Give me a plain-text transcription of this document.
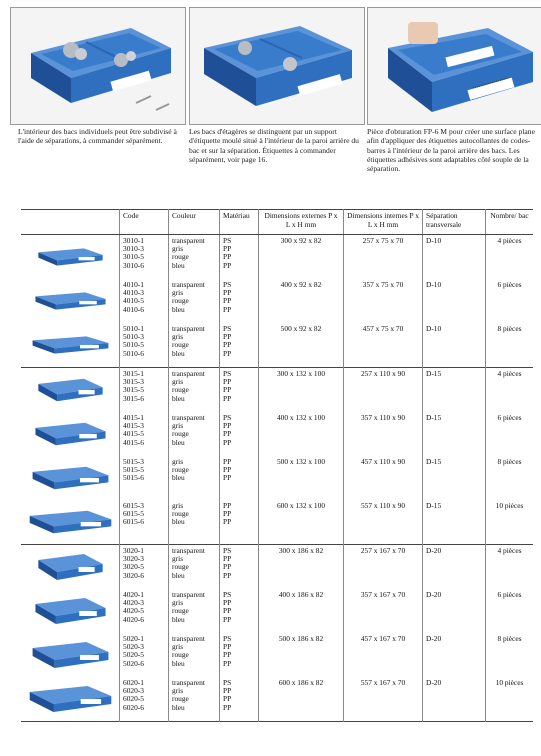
L'intérieur des bacs individuels peut être subdivisé à l'aide de séparations, à commander séparément.
Les bacs d'étagères se distinguent par un support d'étiquette moulé situé à l'intérieur de la paroi arrière du bac et sur la séparation. Étiquettes à commander séparément, voir page 16.
Pièce d'obturation FP-6 M pour créer une surface plane afin d'appliquer des étiquettes autocollantes de codes-barres à l'intérieur de la paroi arrière des bacs. Les étiquettes adhésives sont adaptables côté souple de la séparation.
	Code	Couleur	Matériau	Dimensions externes P x L x H mm	Dimensions internes P x L x H mm	Séparation transversale	Nombre/ bac

3010-1
3010-3
3010-5
3010-6	transparent
gris
rouge
bleu	PS
PP
PP
PP	300 x 92 x 82	257 x 75 x 70	D-10	4 pièces

4010-1
4010-3
4010-5
4010-6	transparent
gris
rouge
bleu	PS
PP
PP
PP	400 x 92 x 82	357 x 75 x 70	D-10	6 pièces

5010-1
5010-3
5010-5
5010-6	transparent
gris
rouge
bleu	PS
PP
PP
PP	500 x 92 x 82	457 x 75 x 70	D-10	8 pièces

3015-1
3015-3
3015-5
3015-6	transparent
gris
rouge
bleu	PS
PP
PP
PP	300 x 132 x 100	257 x 110 x 90	D-15	4 pièces

4015-1
4015-3
4015-5
4015-6	transparent
gris
rouge
bleu	PS
PP
PP
PP	400 x 132 x 100	357 x 110 x 90	D-15	6 pièces

5015-3
5015-5
5015-6	gris
rouge
bleu	PP
PP
PP	500 x 132 x 100	457 x 110 x 90	D-15	8 pièces

6015-3
6015-5
6015-6	gris
rouge
bleu	PP
PP
PP	600 x 132 x 100	557 x 110 x 90	D-15	10 pièces

3020-1
3020-3
3020-5
3020-6	transparent
gris
rouge
bleu	PS
PP
PP
PP	300 x 186 x 82	257 x 167 x 70	D-20	4 pièces

4020-1
4020-3
4020-5
4020-6	transparent
gris
rouge
bleu	PS
PP
PP
PP	400 x 186 x 82	357 x 167 x 70	D-20	6 pièces

5020-1
5020-3
5020-5
5020-6	transparent
gris
rouge
bleu	PS
PP
PP
PP	500 x 186 x 82	457 x 167 x 70	D-20	8 pièces

6020-1
6020-3
6020-5
6020-6	transparent
gris
rouge
bleu	PS
PP
PP
PP	600 x 186 x 82	557 x 167 x 70	D-20	10 pièces
